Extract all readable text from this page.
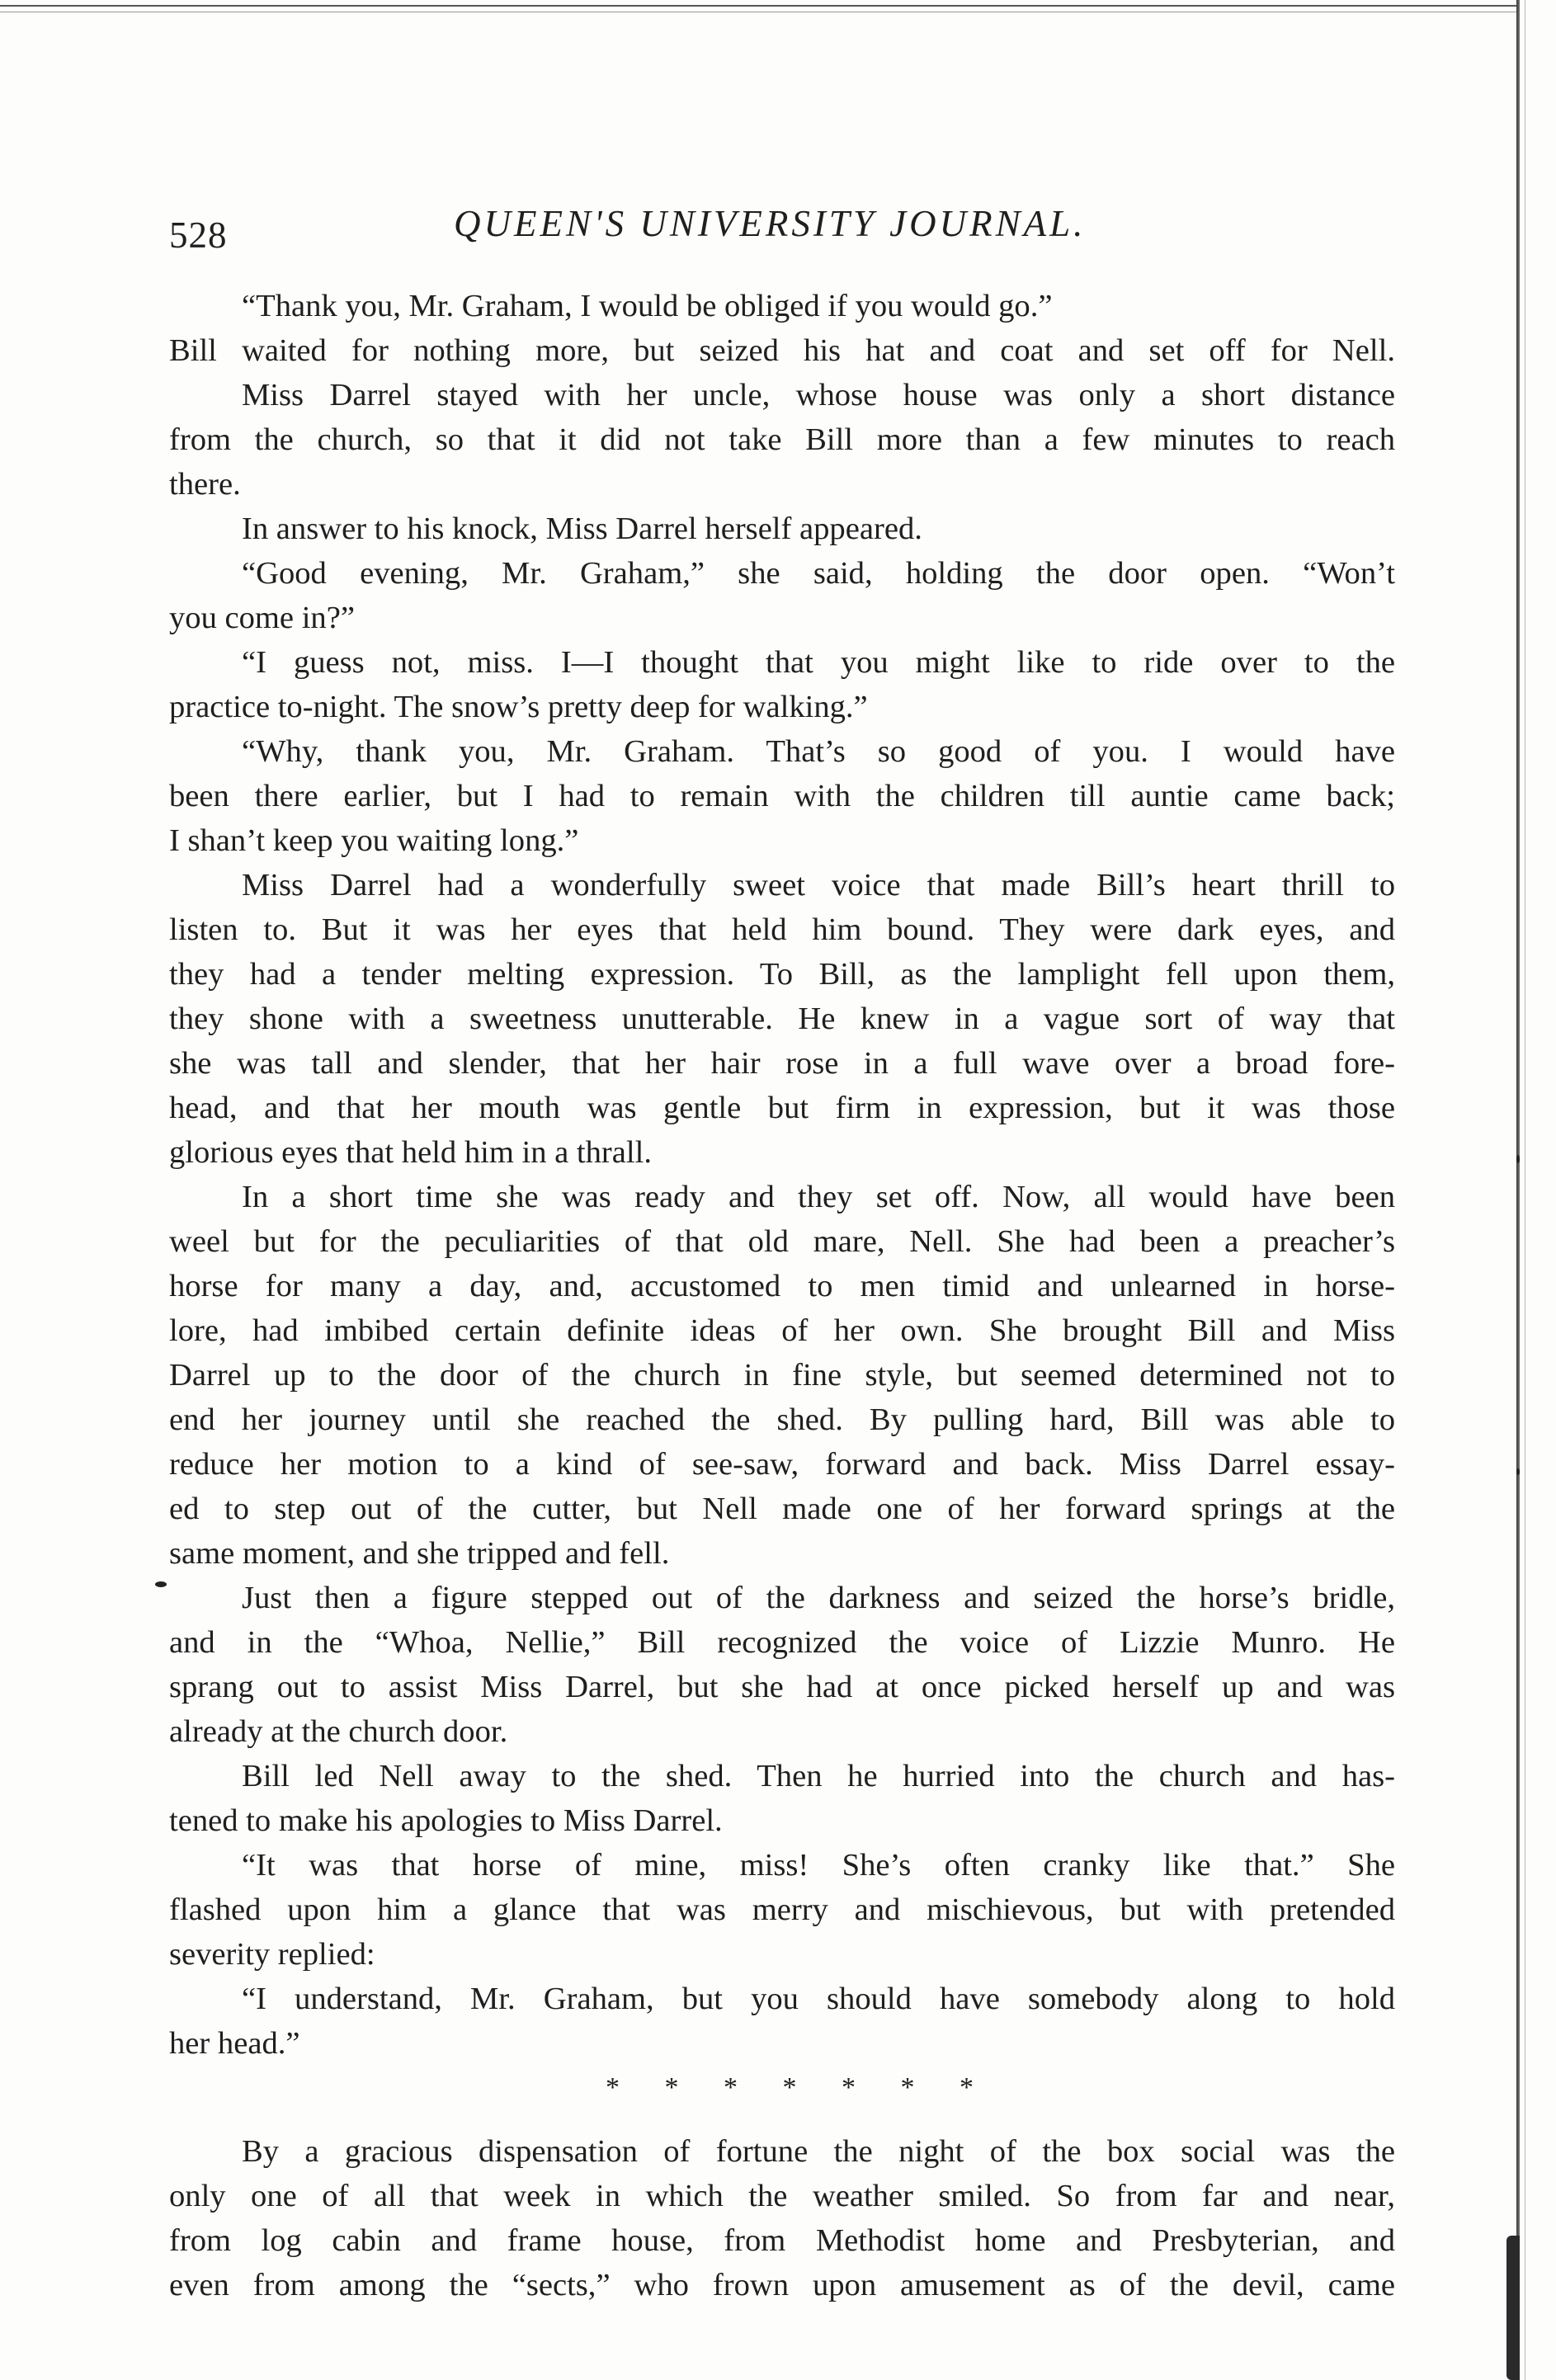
528	QUEEN'S UNIVERSITY JOURNAL.
“Thank you, Mr. Graham, I would be obliged if you would go.”
Bill waited for nothing more, but seized his hat and coat and set off for Nell.
Miss Darrel stayed with her uncle, whose house was only a short distance
from the church, so that it did not take Bill more than a few minutes to reach
there.
In answer to his knock, Miss Darrel herself appeared.
“Good evening, Mr. Graham,” she said, holding the door open. “Won’t
you come in?”
“I guess not, miss. I—I thought that you might like to ride over to the
practice to-night. The snow’s pretty deep for walking.”
“Why, thank you, Mr. Graham. That’s so good of you. I would have
been there earlier, but I had to remain with the children till auntie came back;
I shan’t keep you waiting long.”
Miss Darrel had a wonderfully sweet voice that made Bill’s heart thrill to
listen to. But it was her eyes that held him bound. They were dark eyes, and
they had a tender melting expression. To Bill, as the lamplight fell upon them,
they shone with a sweetness unutterable. He knew in a vague sort of way that
she was tall and slender, that her hair rose in a full wave over a broad fore-
head, and that her mouth was gentle but firm in expression, but it was those
glorious eyes that held him in a thrall.
In a short time she was ready and they set off. Now, all would have been
weel but for the peculiarities of that old mare, Nell. She had been a preacher’s
horse for many a day, and, accustomed to men timid and unlearned in horse-
lore, had imbibed certain definite ideas of her own. She brought Bill and Miss
Darrel up to the door of the church in fine style, but seemed determined not to
end her journey until she reached the shed. By pulling hard, Bill was able to
reduce her motion to a kind of see-saw, forward and back. Miss Darrel essay-
ed to step out of the cutter, but Nell made one of her forward springs at the
same moment, and she tripped and fell.
Just then a figure stepped out of the darkness and seized the horse’s bridle,
and in the “Whoa, Nellie,” Bill recognized the voice of Lizzie Munro. He
sprang out to assist Miss Darrel, but she had at once picked herself up and was
already at the church door.
Bill led Nell away to the shed. Then he hurried into the church and has-
tened to make his apologies to Miss Darrel.
“It was that horse of mine, miss! She’s often cranky like that.” She
flashed upon him a glance that was merry and mischievous, but with pretended
severity replied:
“I understand, Mr. Graham, but you should have somebody along to hold
her head.”
*     *     *     *     *     *     *
By a gracious dispensation of fortune the night of the box social was the
only one of all that week in which the weather smiled. So from far and near,
from log cabin and frame house, from Methodist home and Presbyterian, and
even from among the “sects,” who frown upon amusement as of the devil, came
